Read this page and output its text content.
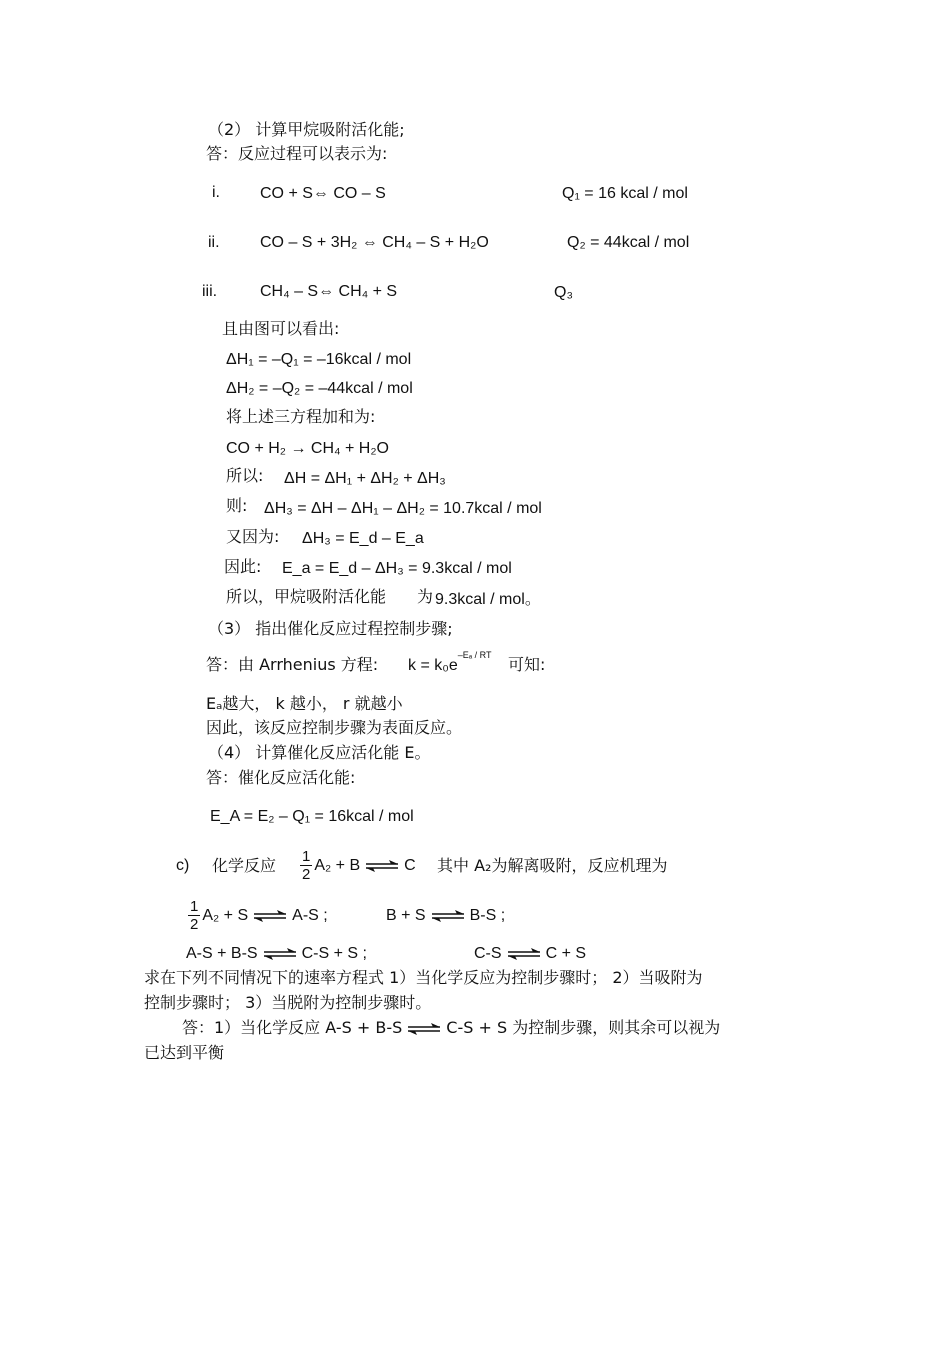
（2） 计算甲烷吸附活化能;
答：反应过程可以表示为:
i.	CO + S⇔ CO – S	Q₁ = 16 kcal / mol
ii.	CO – S + 3H₂ ⇔ CH₄ – S + H₂O	Q₂ = 44kcal / mol
iii.	CH₄ – S⇔ CH₄ + S	Q₃
且由图可以看出:
ΔH₁ = –Q₁ = –16kcal / mol
ΔH₂ = –Q₂ = –44kcal / mol
将上述三方程加和为:
CO + H₂ → CH₄ + H₂O
所以: ΔH = ΔH₁ + ΔH₂ + ΔH₃
则: ΔH₃ = ΔH – ΔH₁ – ΔH₂ = 10.7kcal / mol
又因为: ΔH₃ = E_d – E_a
因此: E_a = E_d – ΔH₃ = 9.3kcal / mol
所以，甲烷吸附活化能 为 9.3kcal / mol。
（3） 指出催化反应过程控制步骤;
答：由 Arrhenius 方程: $k = k_0e^{-E_a / RT}$ 可知:
Eₐ越大， k 越小， r 就越小
因此，该反应控制步骤为表面反应。
（4） 计算催化反应活化能 E。
答：催化反应活化能:
E_A = E₂ – Q₁ = 16kcal / mol
c) 化学反应 $\frac{1}{2} A_2 + B$	C 其中 A₂为解离吸附，反应机理为
$\frac{1}{2} A_2 + S$	A-S ;	B + S	B-S ;
A-S + B-S	C-S + S ;	C-S	C + S
求在下列不同情况下的速率方程式 1）当化学反应为控制步骤时； 2）当吸附为
控制步骤时； 3）当脱附为控制步骤时。
答：1）当化学反应 A-S + B-S	C-S + S 为控制步骤，则其余可以视为
已达到平衡
